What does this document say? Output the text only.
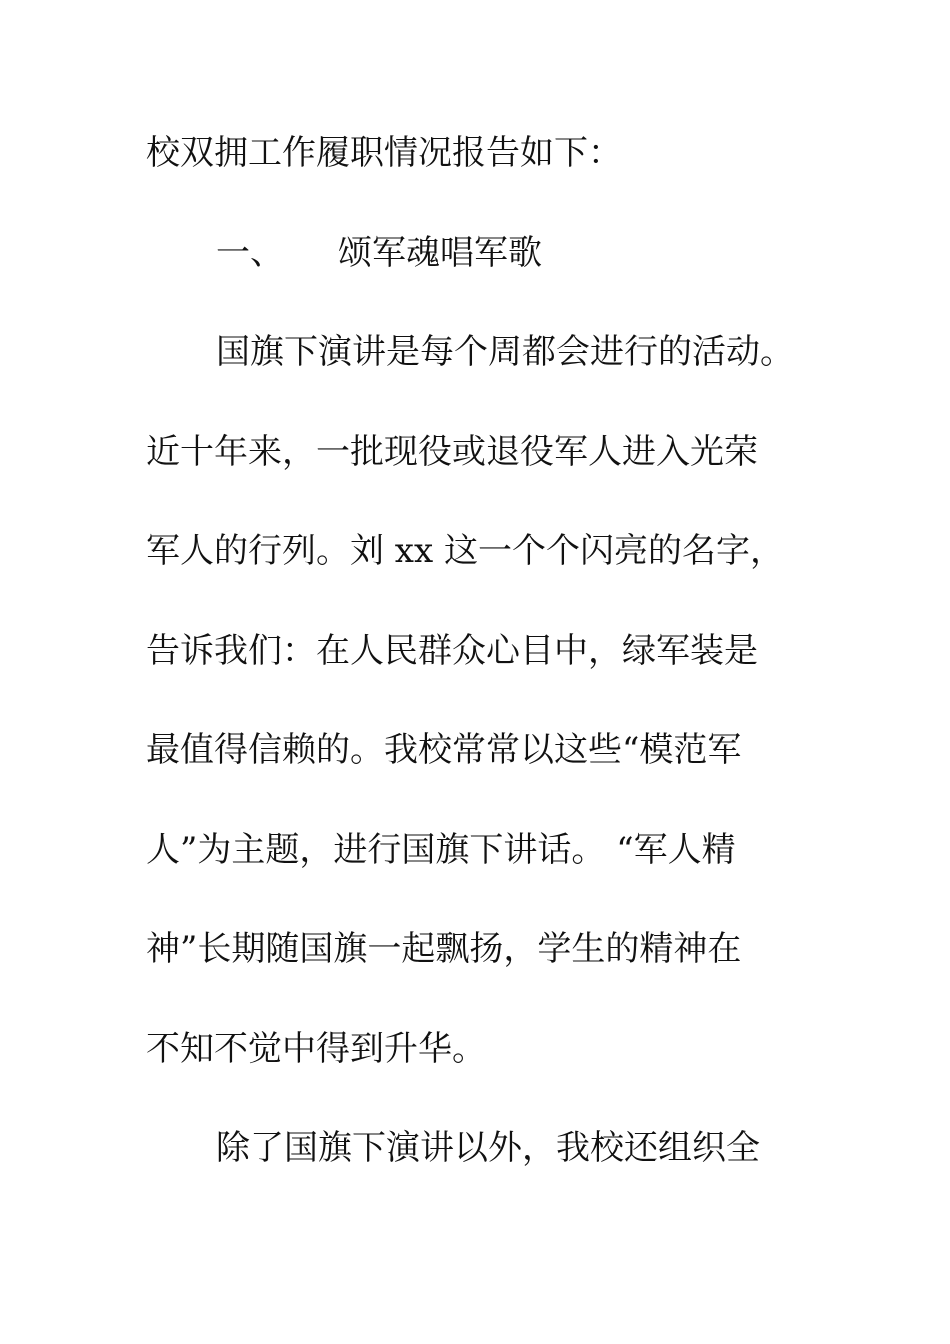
校双拥工作履职情况报告如下：

一、 颂军魂唱军歌

国旗下演讲是每个周都会进行的活动。

近十年来，一批现役或退役军人进入光荣

军人的行列。刘 xx 这一个个闪亮的名字，

告诉我们：在人民群众心目中，绿军装是

最值得信赖的。我校常常以这些“模范军

人”为主题，进行国旗下讲话。 “军人精

神”长期随国旗一起飘扬，学生的精神在

不知不觉中得到升华。

除了国旗下演讲以外，我校还组织全
